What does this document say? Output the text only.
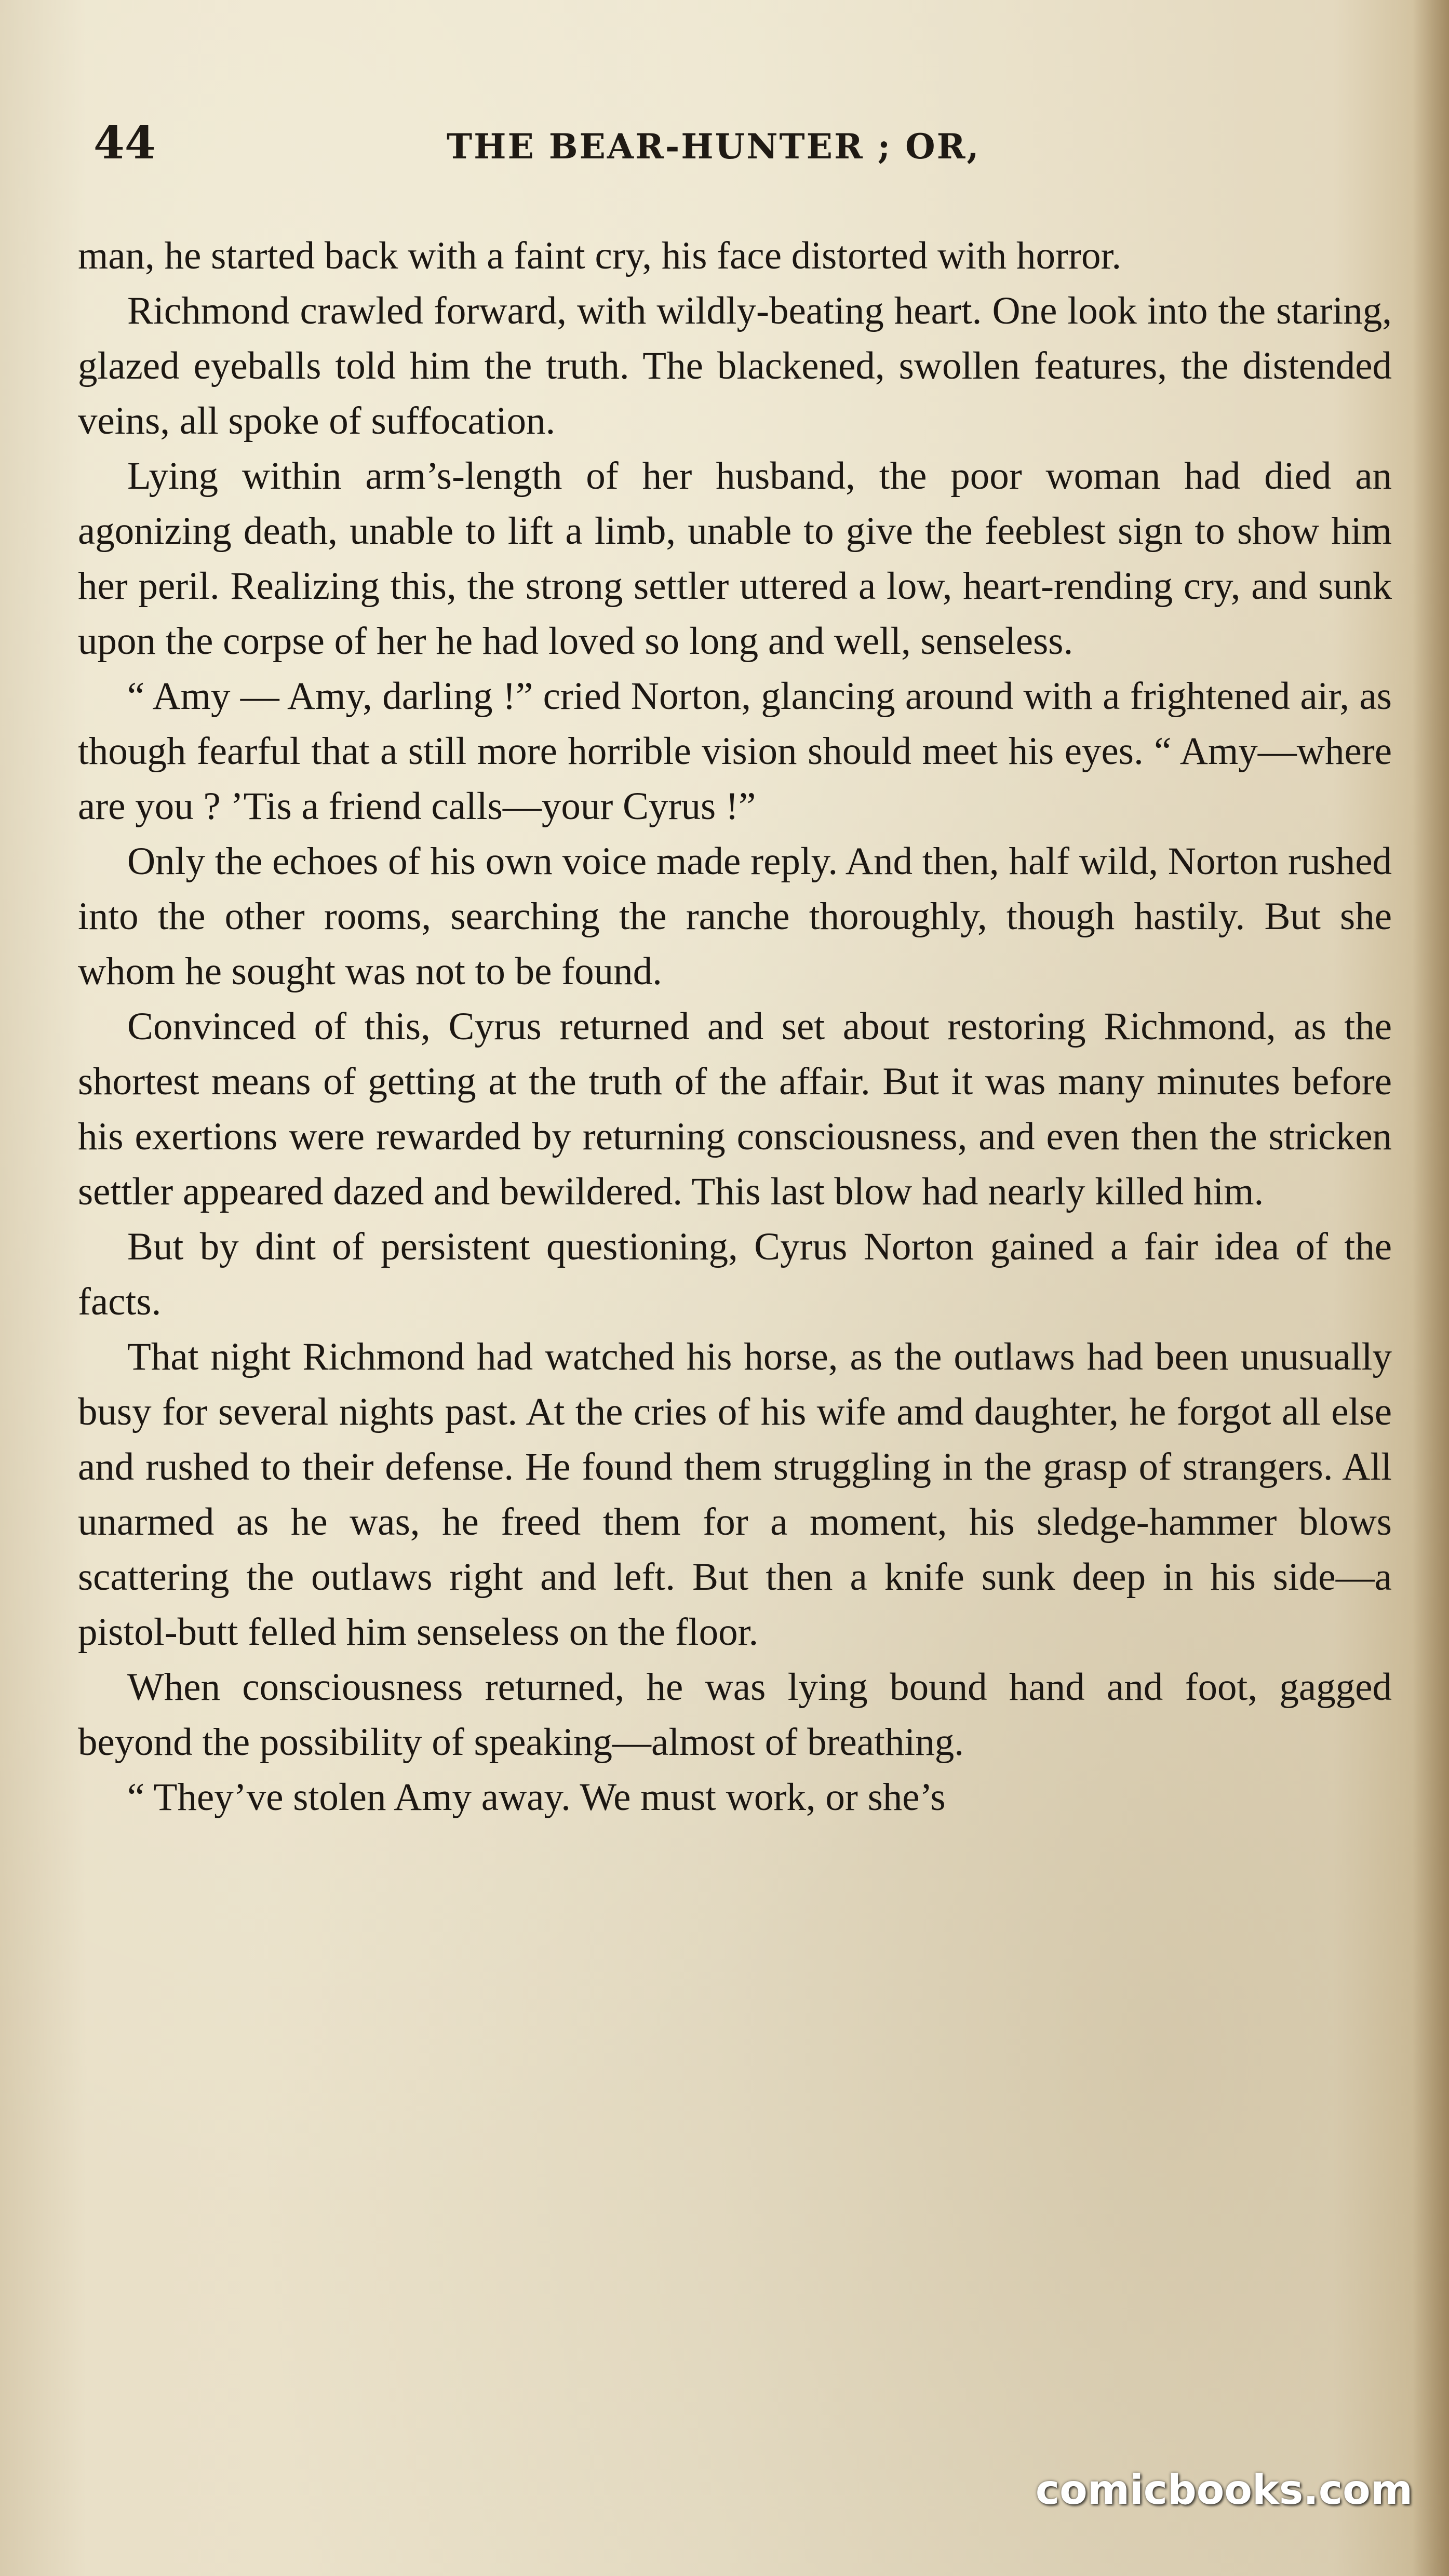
44	THE BEAR-HUNTER ; OR,

man, he started back with a faint cry, his face distorted with horror.

Richmond crawled forward, with wildly-beating heart. One look into the staring, glazed eyeballs told him the truth. The blackened, swollen features, the distended veins, all spoke of suffocation.

Lying within arm’s-length of her husband, the poor woman had died an agonizing death, unable to lift a limb, unable to give the feeblest sign to show him her peril. Realizing this, the strong settler uttered a low, heart-rending cry, and sunk upon the corpse of her he had loved so long and well, senseless.

“ Amy — Amy, darling !” cried Norton, glancing around with a frightened air, as though fearful that a still more horrible vision should meet his eyes. “ Amy—where are you ? ’Tis a friend calls—your Cyrus !”

Only the echoes of his own voice made reply. And then, half wild, Norton rushed into the other rooms, searching the ranche thoroughly, though hastily. But she whom he sought was not to be found.

Convinced of this, Cyrus returned and set about restoring Richmond, as the shortest means of getting at the truth of the affair. But it was many minutes before his exertions were rewarded by returning consciousness, and even then the stricken settler appeared dazed and bewildered. This last blow had nearly killed him.

But by dint of persistent questioning, Cyrus Norton gained a fair idea of the facts.

That night Richmond had watched his horse, as the outlaws had been unusually busy for several nights past. At the cries of his wife amd daughter, he forgot all else and rushed to their defense. He found them struggling in the grasp of strangers. All unarmed as he was, he freed them for a moment, his sledge-hammer blows scattering the outlaws right and left. But then a knife sunk deep in his side—a pistol-butt felled him senseless on the floor.

When consciousness returned, he was lying bound hand and foot, gagged beyond the possibility of speaking—almost of breathing.

“ They’ve stolen Amy away. We must work, or she’s

comicbooks.com
